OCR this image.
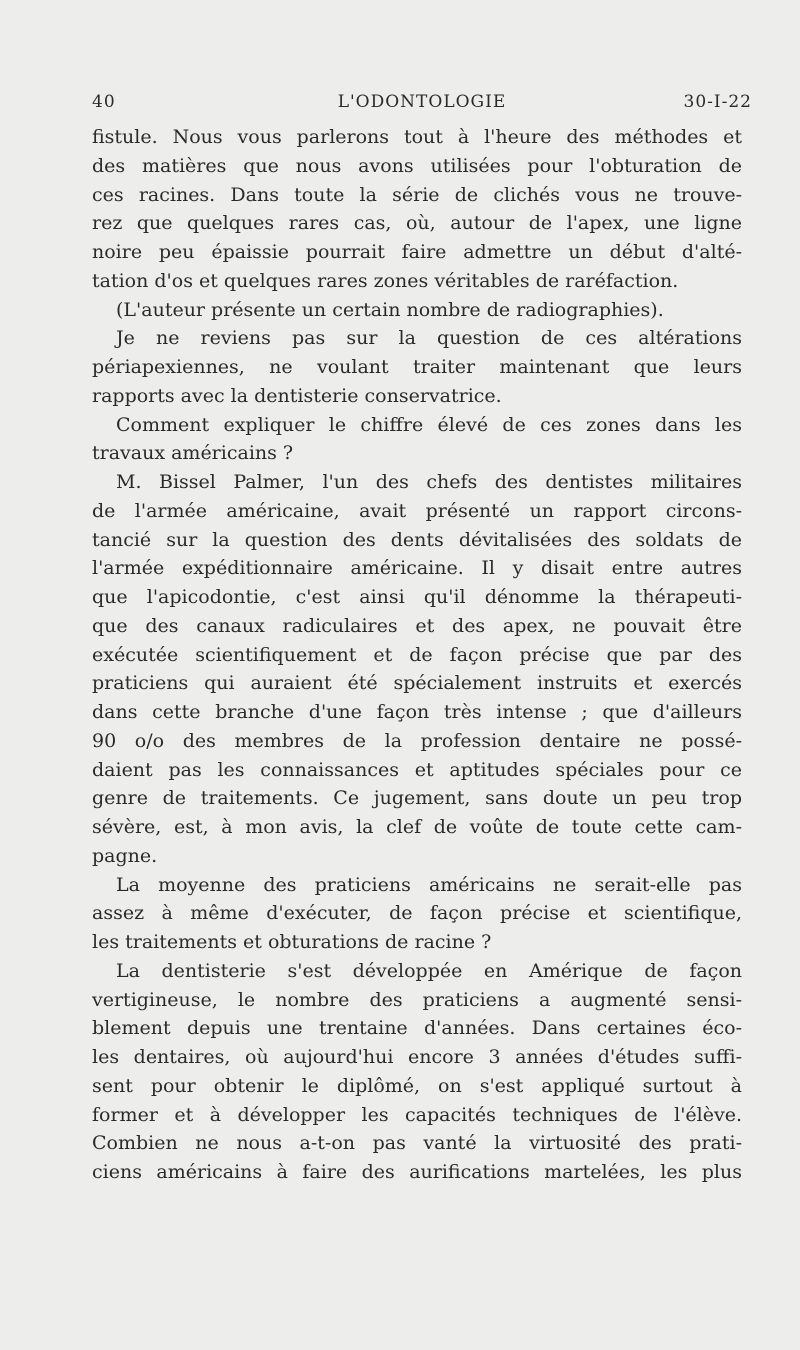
40	L'ODONTOLOGIE	30-I-22
fistule. Nous vous parlerons tout à l'heure des méthodes et
des matières que nous avons utilisées pour l'obturation de
ces racines. Dans toute la série de clichés vous ne trouve-
rez que quelques rares cas, où, autour de l'apex, une ligne
noire peu épaissie pourrait faire admettre un début d'alté-
tation d'os et quelques rares zones véritables de raréfaction.
(L'auteur présente un certain nombre de radiographies).
Je ne reviens pas sur la question de ces altérations
périapexiennes, ne voulant traiter maintenant que leurs
rapports avec la dentisterie conservatrice.
Comment expliquer le chiffre élevé de ces zones dans les
travaux américains ?
M. Bissel Palmer, l'un des chefs des dentistes militaires
de l'armée américaine, avait présenté un rapport circons-
tancié sur la question des dents dévitalisées des soldats de
l'armée expéditionnaire américaine. Il y disait entre autres
que l'apicodontie, c'est ainsi qu'il dénomme la thérapeuti-
que des canaux radiculaires et des apex, ne pouvait être
exécutée scientifiquement et de façon précise que par des
praticiens qui auraient été spécialement instruits et exercés
dans cette branche d'une façon très intense ; que d'ailleurs
90 o/o des membres de la profession dentaire ne possé-
daient pas les connaissances et aptitudes spéciales pour ce
genre de traitements. Ce jugement, sans doute un peu trop
sévère, est, à mon avis, la clef de voûte de toute cette cam-
pagne.
La moyenne des praticiens américains ne serait-elle pas
assez à même d'exécuter, de façon précise et scientifique,
les traitements et obturations de racine ?
La dentisterie s'est développée en Amérique de façon
vertigineuse, le nombre des praticiens a augmenté sensi-
blement depuis une trentaine d'années. Dans certaines éco-
les dentaires, où aujourd'hui encore 3 années d'études suffi-
sent pour obtenir le diplômé, on s'est appliqué surtout à
former et à développer les capacités techniques de l'élève.
Combien ne nous a-t-on pas vanté la virtuosité des prati-
ciens américains à faire des aurifications martelées, les plus
